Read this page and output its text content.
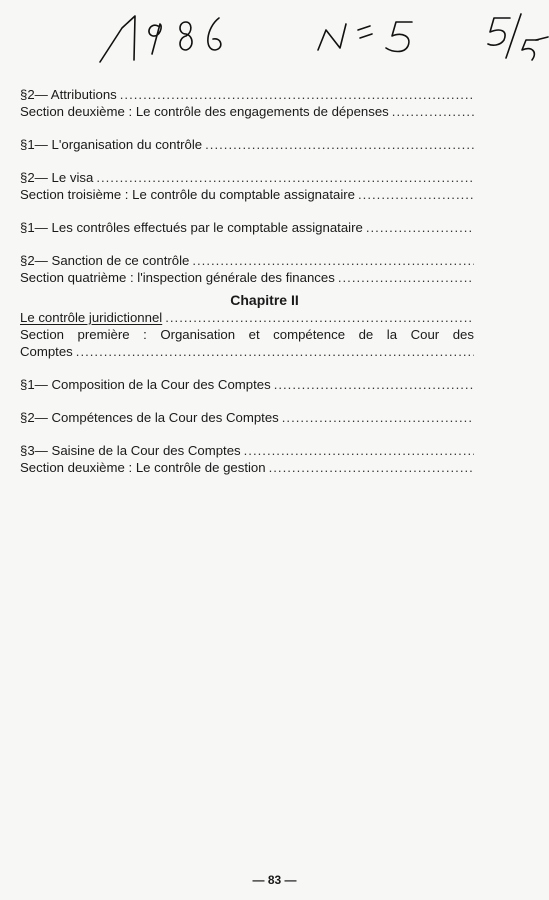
§2— Attributions
.....
Section deuxième : Le contrôle des engagements de dépenses
.....
§1— L'organisation du contrôle
.....
§2— Le visa
.....
Section troisième : Le contrôle du comptable assignataire
.....
§1— Les contrôles effectués par le comptable assignataire
.....
§2— Sanction de ce contrôle
.....
Section quatrième : l'inspection générale des finances
.....
Chapitre II
Le contrôle juridictionnel
.....
Section première : Organisation et compétence de la Cour des
Comptes
.....
§1— Composition de la Cour des Comptes
.....
§2— Compétences de la Cour des Comptes
.....
§3— Saisine de la Cour des Comptes
.....
Section deuxième : Le contrôle de gestion
.....
— 83 —
